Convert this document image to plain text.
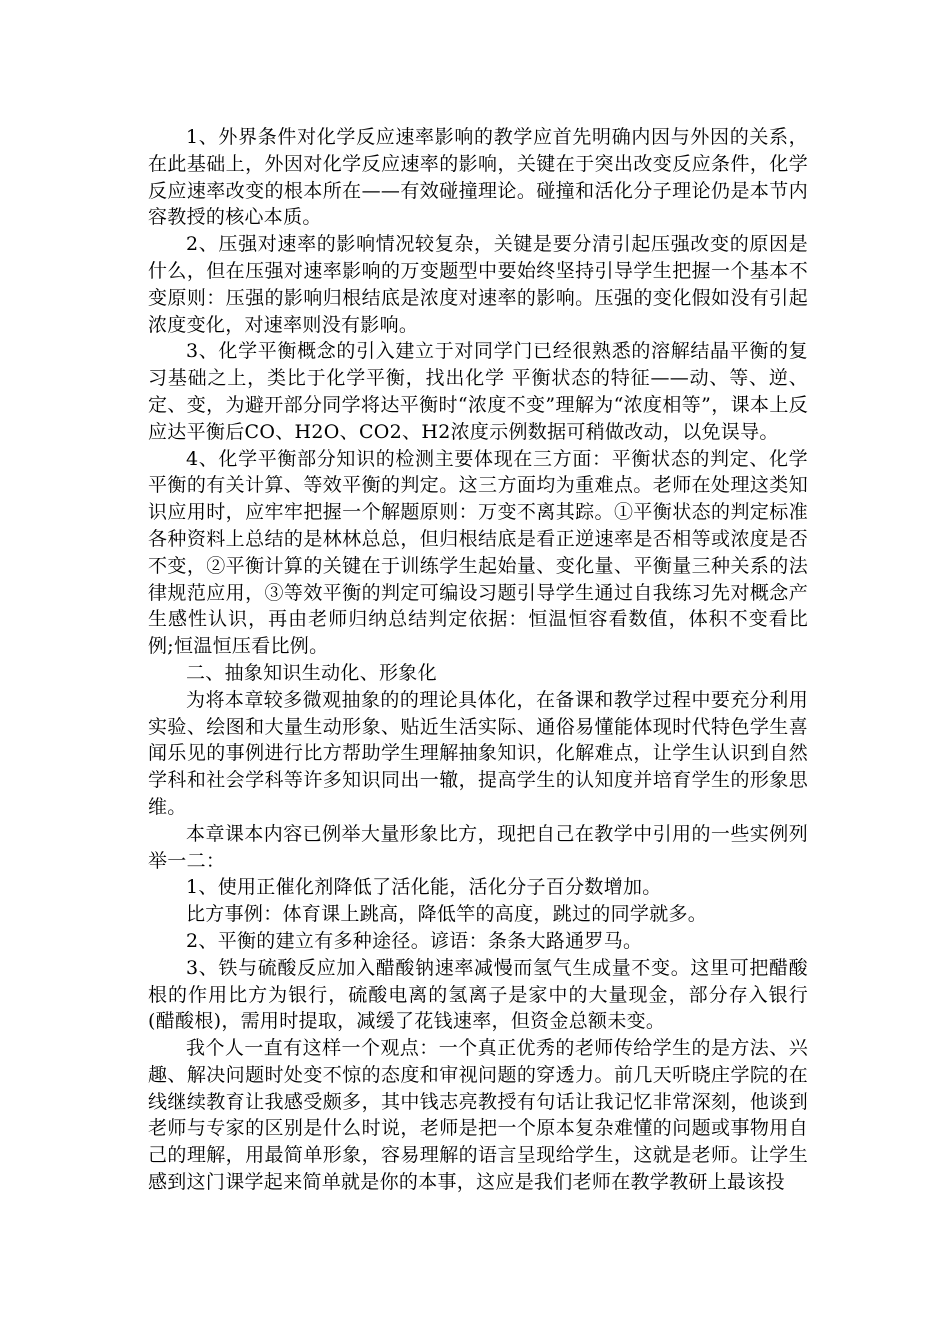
1、外界条件对化学反应速率影响的教学应首先明确内因与外因的关系，在此基础上，外因对化学反应速率的影响，关键在于突出改变反应条件，化学反应速率改变的根本所在——有效碰撞理论。碰撞和活化分子理论仍是本节内容教授的核心本质。

2、压强对速率的影响情况较复杂，关键是要分清引起压强改变的原因是什么，但在压强对速率影响的万变题型中要始终坚持引导学生把握一个基本不变原则：压强的影响归根结底是浓度对速率的影响。压强的变化假如没有引起浓度变化，对速率则没有影响。

3、化学平衡概念的引入建立于对同学门已经很熟悉的溶解结晶平衡的复习基础之上，类比于化学平衡，找出化学 平衡状态的特征——动、等、逆、定、变，为避开部分同学将达平衡时“浓度不变”理解为“浓度相等”，课本上反应达平衡后CO、H2O、CO2、H2浓度示例数据可稍做改动，以免误导。

4、化学平衡部分知识的检测主要体现在三方面：平衡状态的判定、化学平衡的有关计算、等效平衡的判定。这三方面均为重难点。老师在处理这类知识应用时，应牢牢把握一个解题原则：万变不离其踪。①平衡状态的判定标准各种资料上总结的是林林总总，但归根结底是看正逆速率是否相等或浓度是否不变，②平衡计算的关键在于训练学生起始量、变化量、平衡量三种关系的法律规范应用，③等效平衡的判定可编设习题引导学生通过自我练习先对概念产生感性认识，再由老师归纳总结判定依据：恒温恒容看数值，体积不变看比例;恒温恒压看比例。

二、抽象知识生动化、形象化

为将本章较多微观抽象的的理论具体化，在备课和教学过程中要充分利用实验、绘图和大量生动形象、贴近生活实际、通俗易懂能体现时代特色学生喜闻乐见的事例进行比方帮助学生理解抽象知识，化解难点，让学生认识到自然学科和社会学科等许多知识同出一辙，提高学生的认知度并培育学生的形象思维。

本章课本内容已例举大量形象比方，现把自己在教学中引用的一些实例列举一二：

1、使用正催化剂降低了活化能，活化分子百分数增加。

比方事例：体育课上跳高，降低竿的高度，跳过的同学就多。

2、平衡的建立有多种途径。谚语：条条大路通罗马。

3、铁与硫酸反应加入醋酸钠速率减慢而氢气生成量不变。这里可把醋酸根的作用比方为银行，硫酸电离的氢离子是家中的大量现金，部分存入银行(醋酸根)，需用时提取，减缓了花钱速率，但资金总额未变。

我个人一直有这样一个观点：一个真正优秀的老师传给学生的是方法、兴趣、解决问题时处变不惊的态度和审视问题的穿透力。前几天听晓庄学院的在线继续教育让我感受颇多，其中钱志亮教授有句话让我记忆非常深刻，他谈到老师与专家的区别是什么时说，老师是把一个原本复杂难懂的问题或事物用自己的理解，用最简单形象，容易理解的语言呈现给学生，这就是老师。让学生感到这门课学起来简单就是你的本事，这应是我们老师在教学教研上最该投
